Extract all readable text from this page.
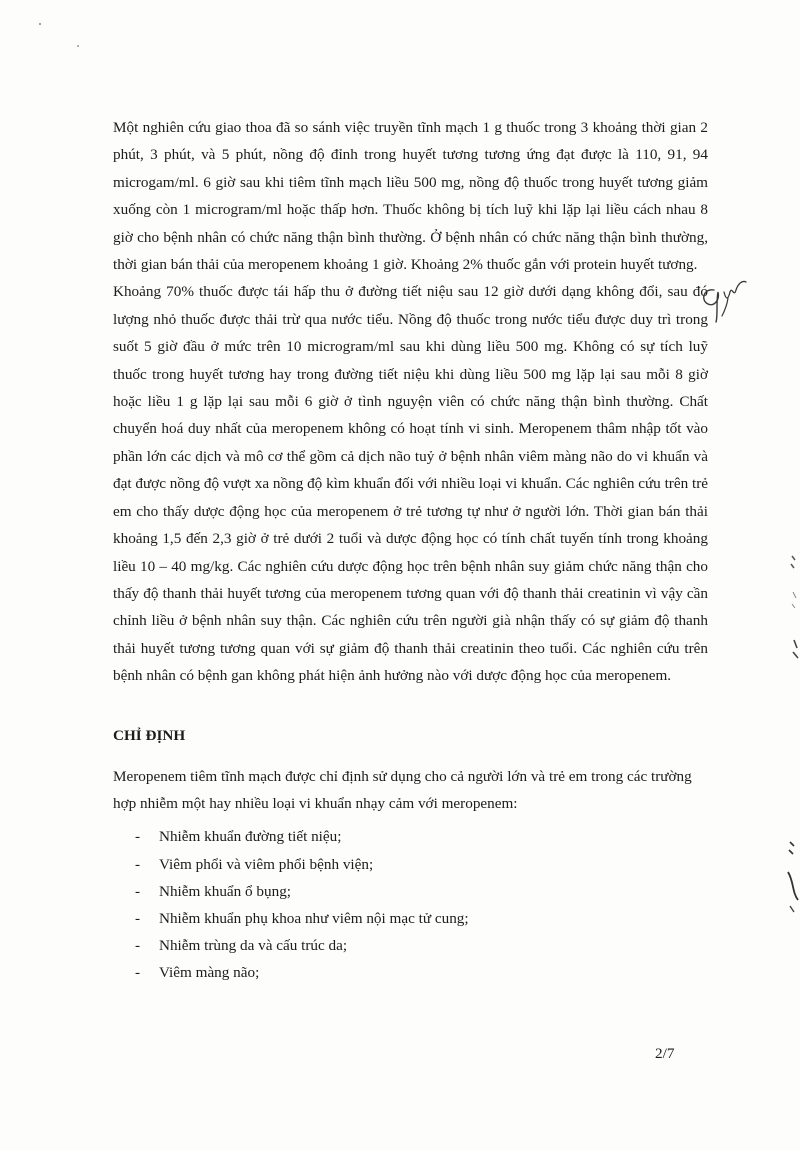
Một nghiên cứu giao thoa đã so sánh việc truyền tĩnh mạch 1 g thuốc trong 3 khoảng thời gian 2 phút, 3 phút, và 5 phút, nồng độ đỉnh trong huyết tương tương ứng đạt được là 110, 91, 94 microgam/ml. 6 giờ sau khi tiêm tĩnh mạch liều 500 mg, nồng độ thuốc trong huyết tương giảm xuống còn 1 microgram/ml hoặc thấp hơn. Thuốc không bị tích luỹ khi lặp lại liều cách nhau 8 giờ cho bệnh nhân có chức năng thận bình thường. Ở bệnh nhân có chức năng thận bình thường, thời gian bán thải của meropenem khoảng 1 giờ. Khoảng 2% thuốc gắn với protein huyết tương.

Khoảng 70% thuốc được tái hấp thu ở đường tiết niệu sau 12 giờ dưới dạng không đổi, sau đó lượng nhỏ thuốc được thải trừ qua nước tiểu. Nồng độ thuốc trong nước tiểu được duy trì trong suốt 5 giờ đầu ở mức trên 10 microgram/ml sau khi dùng liều 500 mg. Không có sự tích luỹ thuốc trong huyết tương hay trong đường tiết niệu khi dùng liều 500 mg lặp lại sau mỗi 8 giờ hoặc liều 1 g lặp lại sau mỗi 6 giờ ở tình nguyện viên có chức năng thận bình thường. Chất chuyển hoá duy nhất của meropenem không có hoạt tính vi sinh. Meropenem thâm nhập tốt vào phần lớn các dịch và mô cơ thể gồm cả dịch não tuỷ ở bệnh nhân viêm màng não do vi khuẩn và đạt được nồng độ vượt xa nồng độ kìm khuẩn đối với nhiều loại vi khuẩn. Các nghiên cứu trên trẻ em cho thấy dược động học của meropenem ở trẻ tương tự như ở người lớn. Thời gian bán thải khoảng 1,5 đến 2,3 giờ ở trẻ dưới 2 tuổi và dược động học có tính chất tuyến tính trong khoảng liều 10 – 40 mg/kg. Các nghiên cứu dược động học trên bệnh nhân suy giảm chức năng thận cho thấy độ thanh thải huyết tương của meropenem tương quan với độ thanh thải creatinin vì vậy cần chỉnh liều ở bệnh nhân suy thận. Các nghiên cứu trên người già nhận thấy có sự giảm độ thanh thải huyết tương tương quan với sự giảm độ thanh thải creatinin theo tuổi. Các nghiên cứu trên bệnh nhân có bệnh gan không phát hiện ảnh hưởng nào với dược động học của meropenem.

CHỈ ĐỊNH

Meropenem tiêm tĩnh mạch được chỉ định sử dụng cho cả người lớn và trẻ em trong các trường hợp nhiễm một hay nhiều loại vi khuẩn nhạy cảm với meropenem:

- Nhiễm khuẩn đường tiết niệu;
- Viêm phổi và viêm phổi bệnh viện;
- Nhiễm khuẩn ổ bụng;
- Nhiễm khuẩn phụ khoa như viêm nội mạc tử cung;
- Nhiễm trùng da và cấu trúc da;
- Viêm màng não;
2/7
